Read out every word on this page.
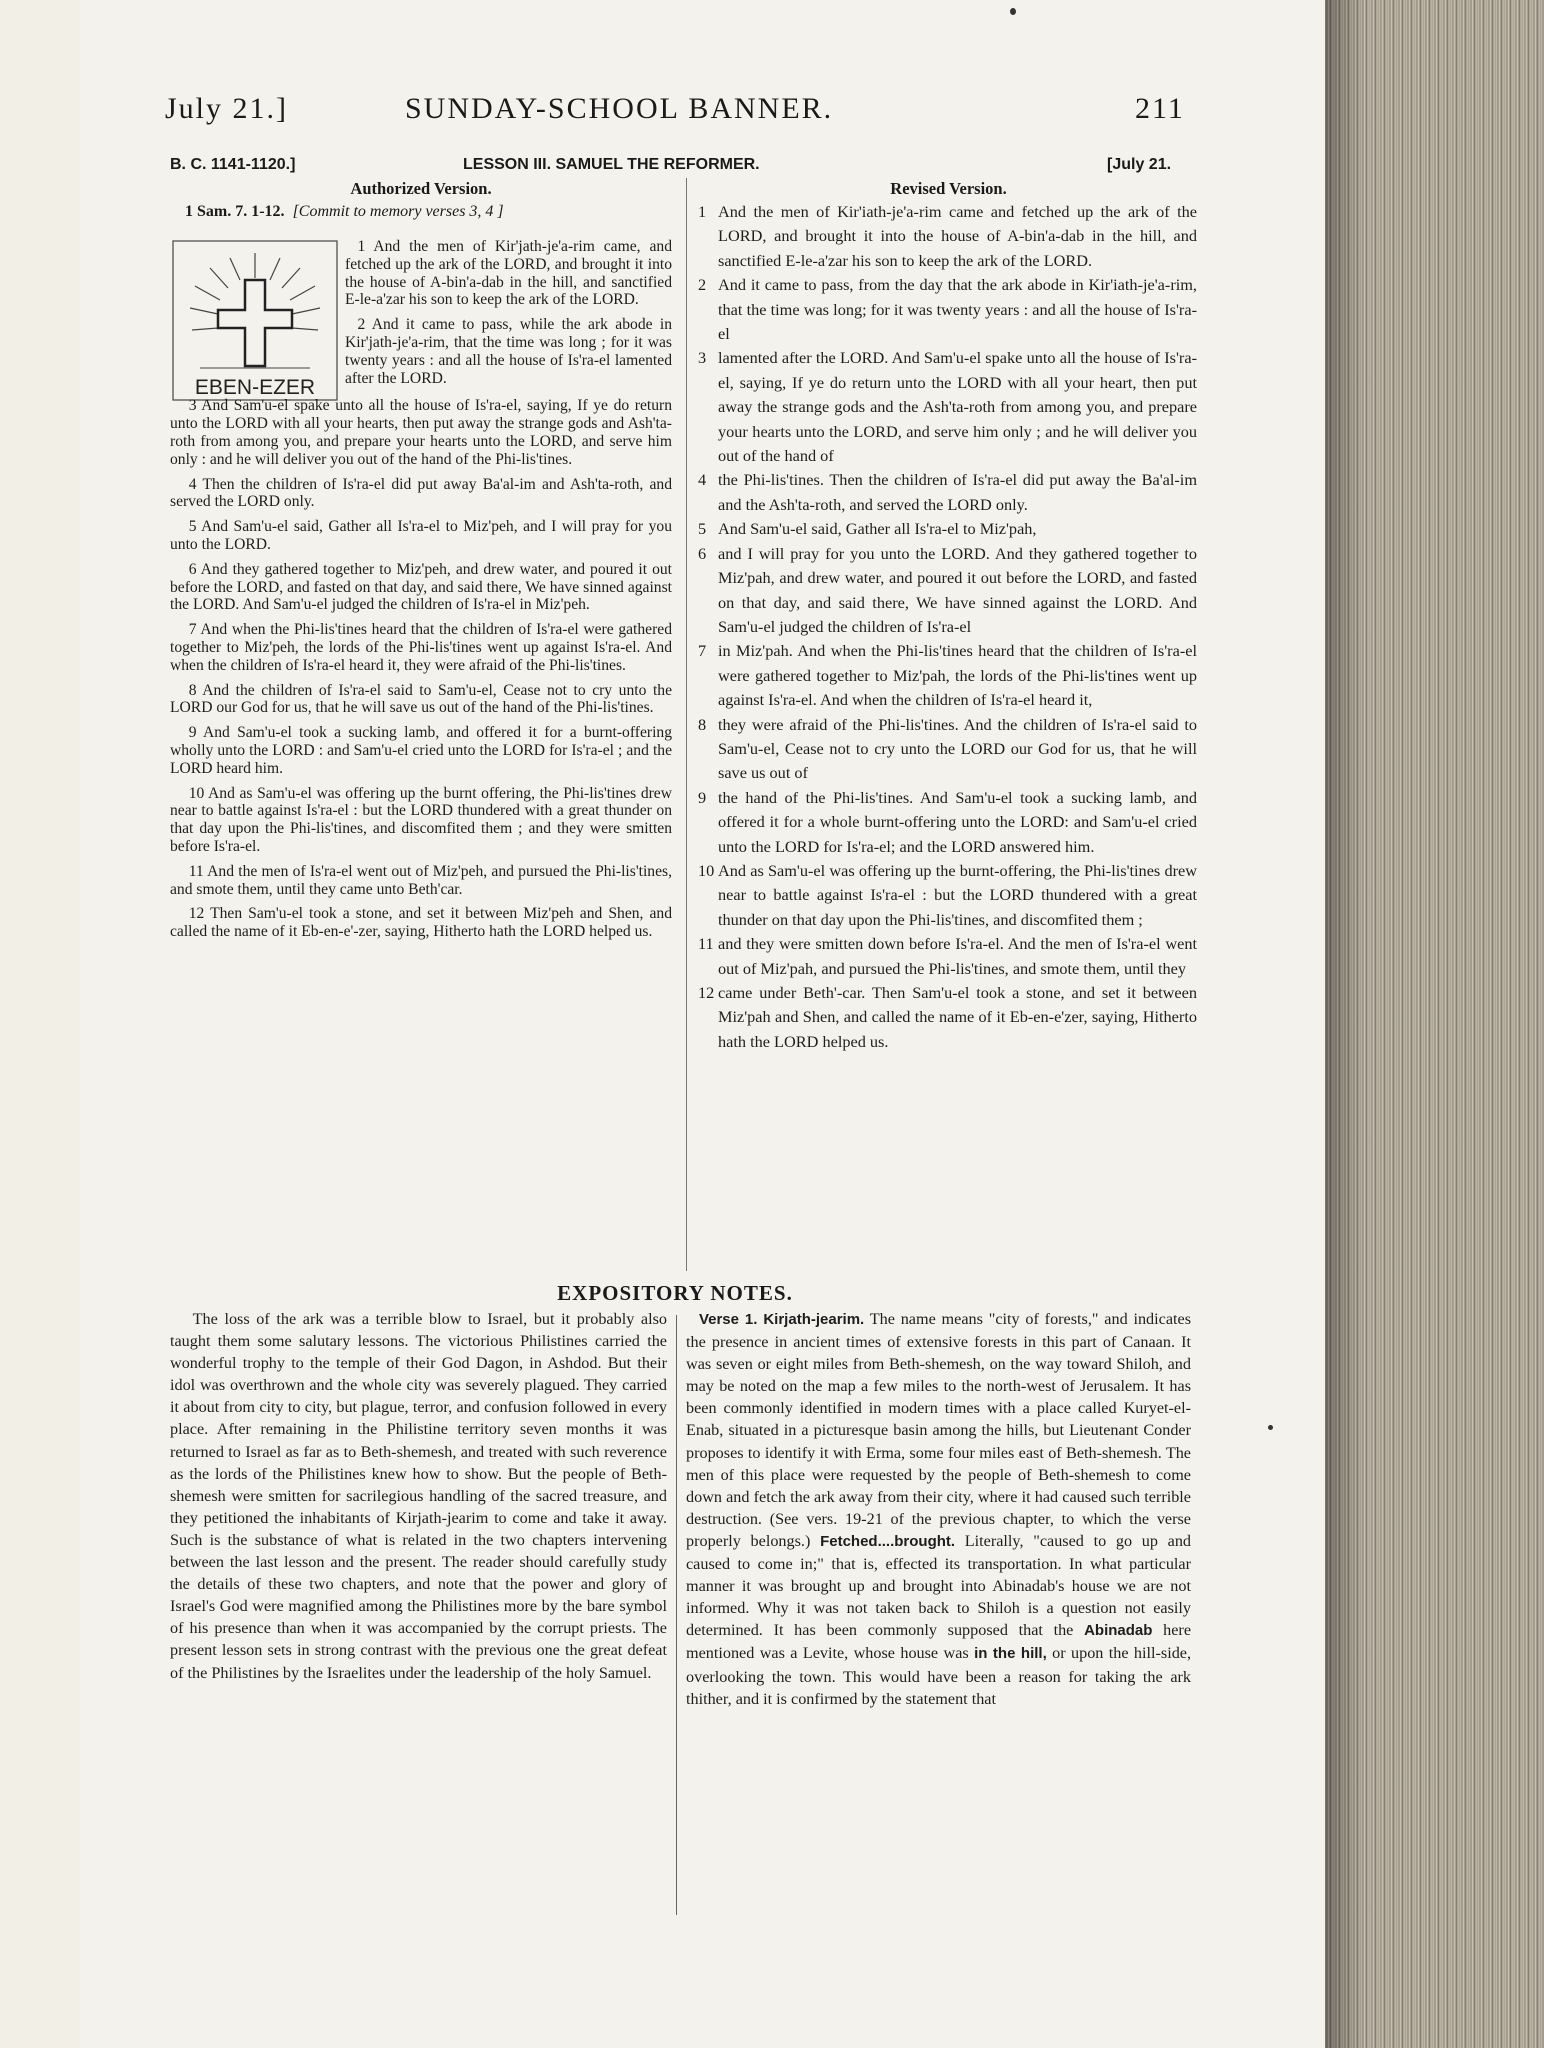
July 21.]	SUNDAY-SCHOOL BANNER.	211
B. C. 1141-1120.]	LESSON III. SAMUEL THE REFORMER.	[July 21.
Authorized Version.
1 Sam. 7. 1-12. [Commit to memory verses 3, 4 ]
EBEN-EZER

1 And the men of Kir'jath-je'a-rim came, and fetched up the ark of the LORD, and brought it into the house of A-bin'a-dab in the hill, and sanctified E-le-a'zar his son to keep the ark of the LORD.

2 And it came to pass, while the ark abode in Kir'jath-je'a-rim, that the time was long ; for it was twenty years : and all the house of Is'ra-el lamented after the LORD.

3 And Sam'u-el spake unto all the house of Is'ra-el, saying, If ye do return unto the LORD with all your hearts, then put away the strange gods and Ash'ta-roth from among you, and prepare your hearts unto the LORD, and serve him only : and he will deliver you out of the hand of the Phi-lis'tines.

4 Then the children of Is'ra-el did put away Ba'al-im and Ash'ta-roth, and served the LORD only.

5 And Sam'u-el said, Gather all Is'ra-el to Miz'peh, and I will pray for you unto the LORD.

6 And they gathered together to Miz'peh, and drew water, and poured it out before the LORD, and fasted on that day, and said there, We have sinned against the LORD. And Sam'u-el judged the children of Is'ra-el in Miz'peh.

7 And when the Phi-lis'tines heard that the children of Is'ra-el were gathered together to Miz'peh, the lords of the Phi-lis'tines went up against Is'ra-el. And when the children of Is'ra-el heard it, they were afraid of the Phi-lis'tines.

8 And the children of Is'ra-el said to Sam'u-el, Cease not to cry unto the LORD our God for us, that he will save us out of the hand of the Phi-lis'tines.

9 And Sam'u-el took a sucking lamb, and offered it for a burnt-offering wholly unto the LORD : and Sam'u-el cried unto the LORD for Is'ra-el ; and the LORD heard him.

10 And as Sam'u-el was offering up the burnt offering, the Phi-lis'tines drew near to battle against Is'ra-el : but the LORD thundered with a great thunder on that day upon the Phi-lis'tines, and discomfited them ; and they were smitten before Is'ra-el.

11 And the men of Is'ra-el went out of Miz'peh, and pursued the Phi-lis'tines, and smote them, until they came unto Beth'car.

12 Then Sam'u-el took a stone, and set it between Miz'peh and Shen, and called the name of it Eb-en-e'-zer, saying, Hitherto hath the LORD helped us.

Revised Version.
1 And the men of Kir'iath-je'a-rim came and fetched up the ark of the LORD, and brought it into the house of A-bin'a-dab in the hill, and sanctified E-le-a'zar his son to keep the ark of the LORD.
2 And it came to pass, from the day that the ark abode in Kir'iath-je'a-rim, that the time was long; for it was twenty years : and all the house of Is'ra-el
3 lamented after the LORD. And Sam'u-el spake unto all the house of Is'ra-el, saying, If ye do return unto the LORD with all your heart, then put away the strange gods and the Ash'ta-roth from among you, and prepare your hearts unto the LORD, and serve him only ; and he will deliver you out of the hand of
4 the Phi-lis'tines. Then the children of Is'ra-el did put away the Ba'al-im and the Ash'ta-roth, and served the LORD only.
5 And Sam'u-el said, Gather all Is'ra-el to Miz'pah,
6 and I will pray for you unto the LORD. And they gathered together to Miz'pah, and drew water, and poured it out before the LORD, and fasted on that day, and said there, We have sinned against the LORD. And Sam'u-el judged the children of Is'ra-el
7 in Miz'pah. And when the Phi-lis'tines heard that the children of Is'ra-el were gathered together to Miz'pah, the lords of the Phi-lis'tines went up against Is'ra-el. And when the children of Is'ra-el heard it,
8 they were afraid of the Phi-lis'tines. And the children of Is'ra-el said to Sam'u-el, Cease not to cry unto the LORD our God for us, that he will save us out of
9 the hand of the Phi-lis'tines. And Sam'u-el took a sucking lamb, and offered it for a whole burnt-offering unto the LORD: and Sam'u-el cried unto the LORD for Is'ra-el; and the LORD answered him.
10 And as Sam'u-el was offering up the burnt-offering, the Phi-lis'tines drew near to battle against Is'ra-el : but the LORD thundered with a great thunder on that day upon the Phi-lis'tines, and discomfited them ;
11 and they were smitten down before Is'ra-el. And the men of Is'ra-el went out of Miz'pah, and pursued the Phi-lis'tines, and smote them, until they
12 came under Beth'-car. Then Sam'u-el took a stone, and set it between Miz'pah and Shen, and called the name of it Eb-en-e'zer, saying, Hitherto hath the LORD helped us.
EXPOSITORY NOTES.

The loss of the ark was a terrible blow to Israel, but it probably also taught them some salutary lessons. The victorious Philistines carried the wonderful trophy to the temple of their God Dagon, in Ashdod. But their idol was overthrown and the whole city was severely plagued. They carried it about from city to city, but plague, terror, and confusion followed in every place. After remaining in the Philistine territory seven months it was returned to Israel as far as to Beth-shemesh, and treated with such reverence as the lords of the Philistines knew how to show. But the people of Beth-shemesh were smitten for sacrilegious handling of the sacred treasure, and they petitioned the inhabitants of Kirjath-jearim to come and take it away. Such is the substance of what is related in the two chapters intervening between the last lesson and the present. The reader should carefully study the details of these two chapters, and note that the power and glory of Israel's God were magnified among the Philistines more by the bare symbol of his presence than when it was accompanied by the corrupt priests. The present lesson sets in strong contrast with the previous one the great defeat of the Philistines by the Israelites under the leadership of the holy Samuel.

Verse 1. Kirjath-jearim. The name means "city of forests," and indicates the presence in ancient times of extensive forests in this part of Canaan. It was seven or eight miles from Beth-shemesh, on the way toward Shiloh, and may be noted on the map a few miles to the north-west of Jerusalem. It has been commonly identified in modern times with a place called Kuryet-el-Enab, situated in a picturesque basin among the hills, but Lieutenant Conder proposes to identify it with Erma, some four miles east of Beth-shemesh. The men of this place were requested by the people of Beth-shemesh to come down and fetch the ark away from their city, where it had caused such terrible destruction. (See vers. 19-21 of the previous chapter, to which the verse properly belongs.) Fetched....brought. Literally, "caused to go up and caused to come in;" that is, effected its transportation. In what particular manner it was brought up and brought into Abinadab's house we are not informed. Why it was not taken back to Shiloh is a question not easily determined. It has been commonly supposed that the Abinadab here mentioned was a Levite, whose house was in the hill, or upon the hill-side, overlooking the town. This would have been a reason for taking the ark thither, and it is confirmed by the statement that
